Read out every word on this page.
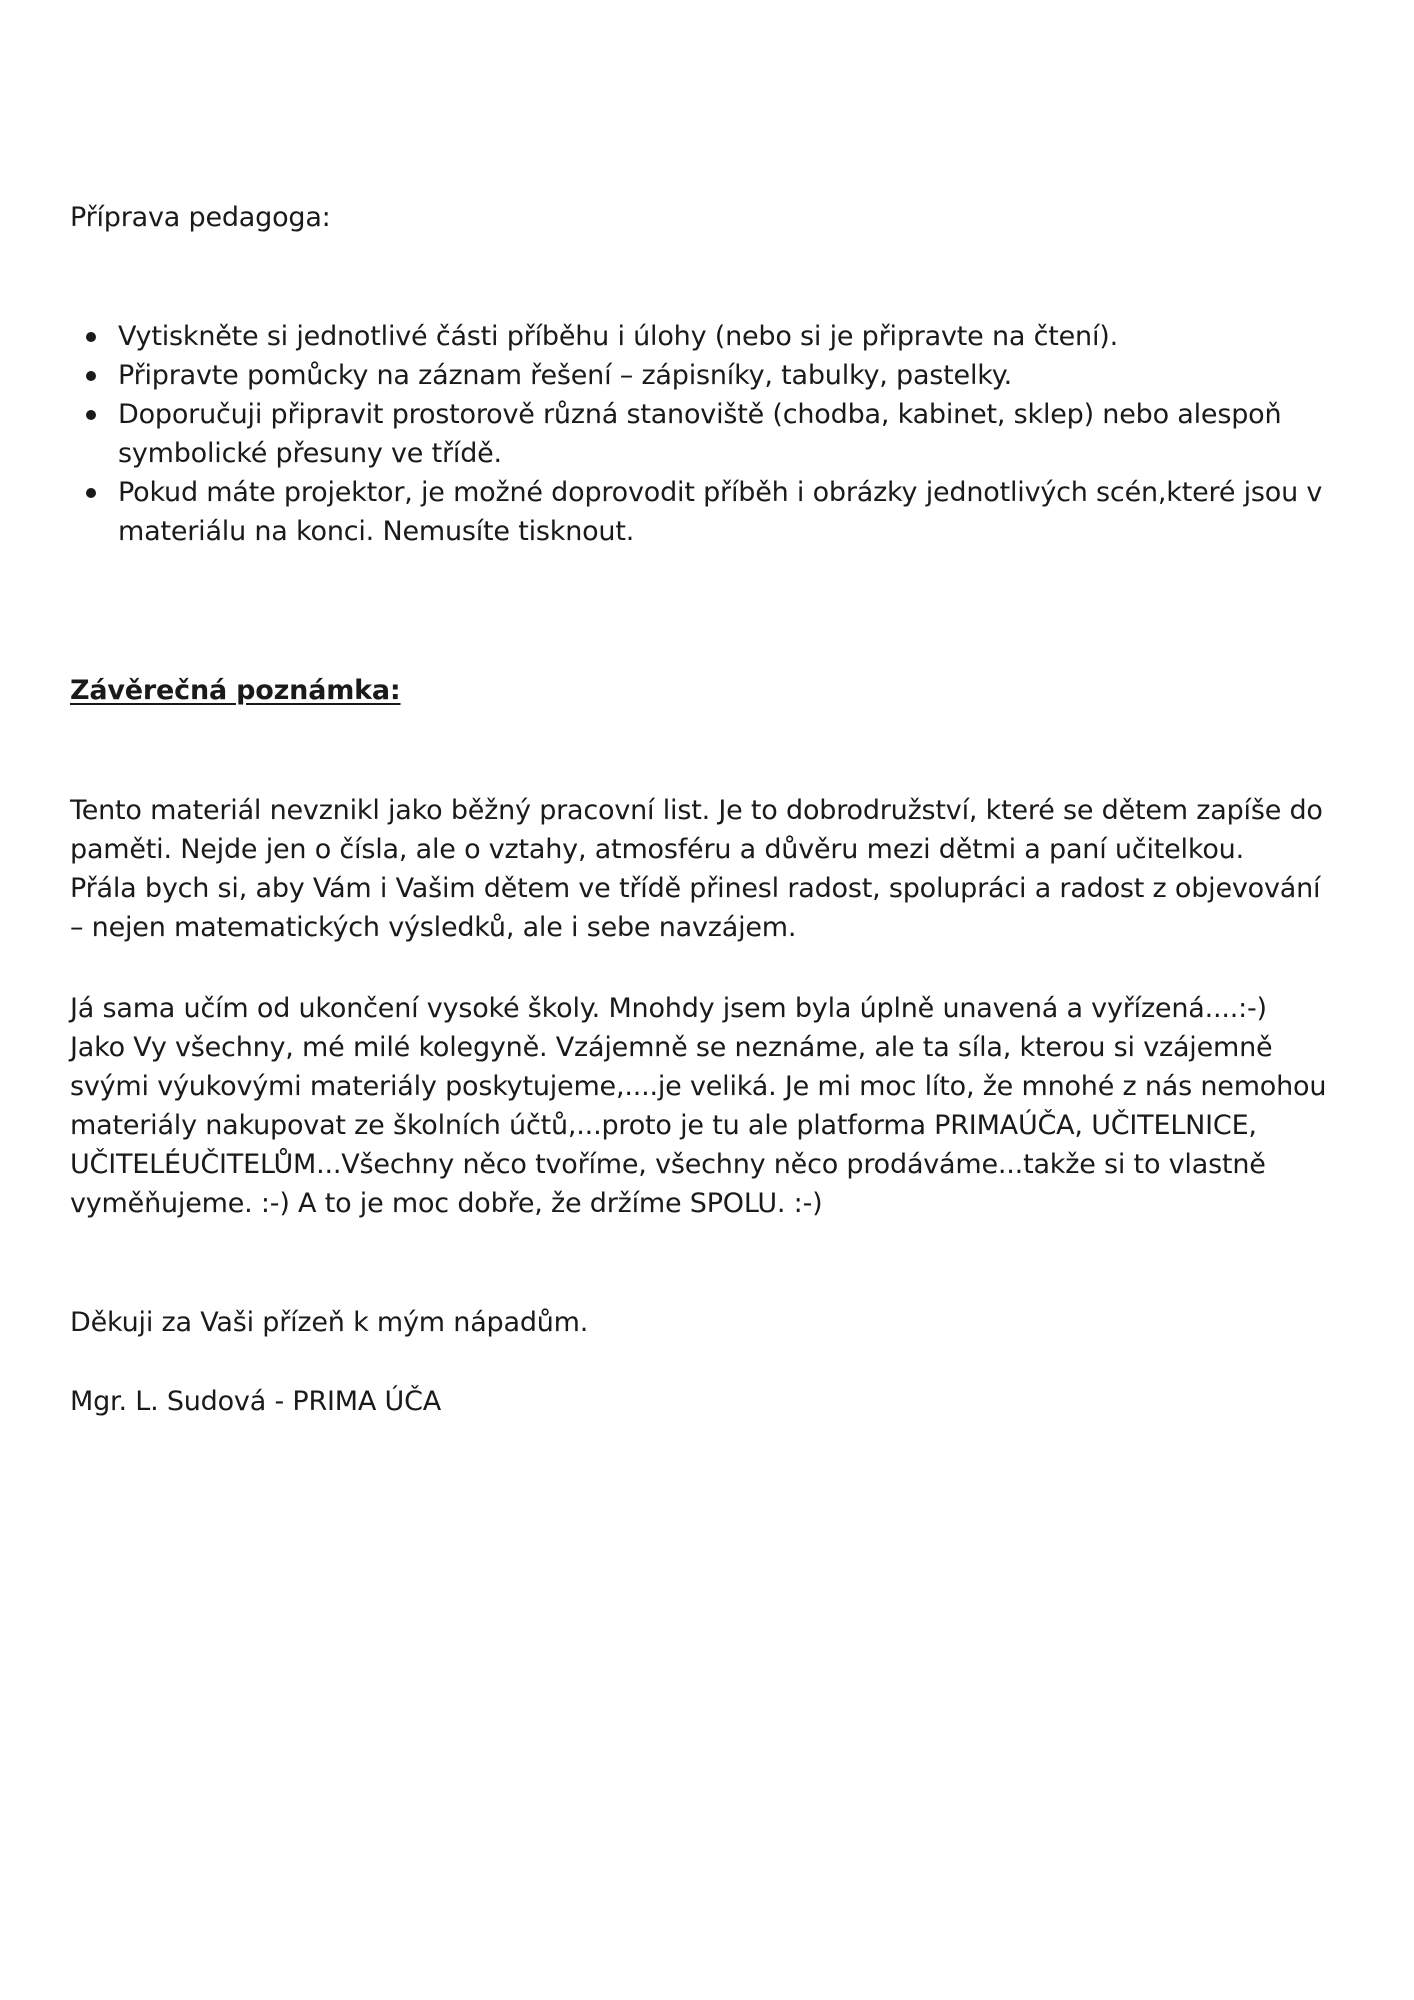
Příprava pedagoga:

Vytiskněte si jednotlivé části příběhu i úlohy (nebo si je připravte na čtení).
Připravte pomůcky na záznam řešení – zápisníky, tabulky, pastelky.
Doporučuji připravit prostorově různá stanoviště (chodba, kabinet, sklep) nebo alespoň
symbolické přesuny ve třídě.
Pokud máte projektor, je možné doprovodit příběh i obrázky jednotlivých scén,které jsou v
materiálu na konci. Nemusíte tisknout.

Závěrečná poznámka:

Tento materiál nevznikl jako běžný pracovní list. Je to dobrodružství, které se dětem zapíše do
paměti. Nejde jen o čísla, ale o vztahy, atmosféru a důvěru mezi dětmi a paní učitelkou.
Přála bych si, aby Vám i Vašim dětem ve třídě přinesl radost, spolupráci a radost z objevování
– nejen matematických výsledků, ale i sebe navzájem.

Já sama učím od ukončení vysoké školy. Mnohdy jsem byla úplně unavená a vyřízená....:-)
Jako Vy všechny, mé milé kolegyně. Vzájemně se neznáme, ale ta síla, kterou si vzájemně
svými výukovými materiály poskytujeme,....je veliká. Je mi moc líto, že mnohé z nás nemohou
materiály nakupovat ze školních účtů,...proto je tu ale platforma PRIMAÚČA, UČITELNICE,
UČITELÉUČITELŮM...Všechny něco tvoříme, všechny něco prodáváme...takže si to vlastně
vyměňujeme. :-) A to je moc dobře, že držíme SPOLU. :-)

Děkuji za Vaši přízeň k mým nápadům.

Mgr. L. Sudová - PRIMA ÚČA
